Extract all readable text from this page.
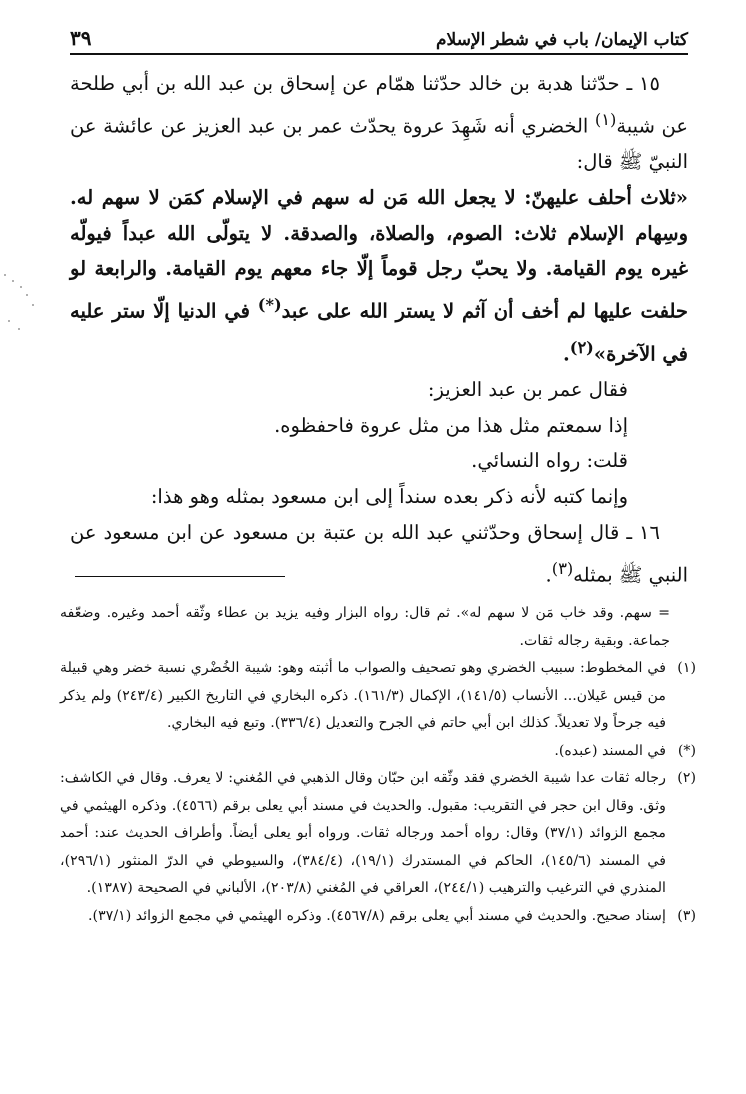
كتاب الإيمان/ باب في شطر الإسلام
٣٩

١٥ ـ حدّثنا هدبة بن خالد حدّثنا همّام عن إسحاق بن عبد الله بن أبي طلحة عن شيبة$^{(١)}$ الخضري أنه شَهِدَ عروة يحدّث عمر بن عبد العزيز عن عائشة عن النبيّ ﷺ قال:

«ثلاث أحلف عليهنّ: لا يجعل الله مَن له سهم في الإسلام كمَن لا سهم له. وسِهام الإسلام ثلاث: الصوم، والصلاة، والصدقة. لا يتولّى الله عبداً فيولّه غيره يوم القيامة. ولا يحبّ رجل قوماً إلّا جاء معهم يوم القيامة. والرابعة لو حلفت عليها لم أخف أن آثم لا يستر الله على عبد(*) في الدنيا إلّا ستر عليه في الآخرة»$^{(٢)}$.

فقال عمر بن عبد العزيز:

إذا سمعتم مثل هذا من مثل عروة فاحفظوه.

قلت: رواه النسائي.

وإنما كتبه لأنه ذكر بعده سنداً إلى ابن مسعود بمثله وهو هذا:

١٦ ـ قال إسحاق وحدّثني عبد الله بن عتبة بن مسعود عن ابن مسعود عن النبي ﷺ بمثله$^{(٣)}$.

= سهم. وقد خاب مَن لا سهم له». ثم قال: رواه البزار وفيه يزيد بن عطاء وثّقه أحمد وغيره. وضعّفه جماعة. وبقية رجاله ثقات.

(١)
في المخطوط: سبيب الخضري وهو تصحيف والصواب ما أثبته وهو: شيبة الخُضْري نسبة خضر وهي قبيلة من قيس عَيلان... الأنساب (١٤١/٥)، الإكمال (١٦١/٣). ذكره البخاري في التاريخ الكبير (٢٤٣/٤) ولم يذكر فيه جرحاً ولا تعديلاً. كذلك ابن أبي حاتم في الجرح والتعديل (٣٣٦/٤). وتبع فيه البخاري.
(*)
في المسند (عبده).
(٢)
رجاله ثقات عدا شيبة الخضري فقد وثّقه ابن حبّان وقال الذهبي في المُغني: لا يعرف. وقال في الكاشف: وثق. وقال ابن حجر في التقريب: مقبول. والحديث في مسند أبي يعلى برقم (٤٥٦٦). وذكره الهيثمي في مجمع الزوائد (٣٧/١) وقال: رواه أحمد ورجاله ثقات. ورواه أبو يعلى أيضاً. وأطراف الحديث عند: أحمد في المسند (١٤٥/٦)، الحاكم في المستدرك (١٩/١)، (٣٨٤/٤)، والسيوطي في الدرّ المنثور (٢٩٦/١)، المنذري في الترغيب والترهيب (٢٤٤/١)، العراقي في المُغني (٢٠٣/٨)، الألباني في الصحيحة (١٣٨٧).
(٣)
إسناد صحيح. والحديث في مسند أبي يعلى برقم (٤٥٦٧/٨). وذكره الهيثمي في مجمع الزوائد (٣٧/١).
